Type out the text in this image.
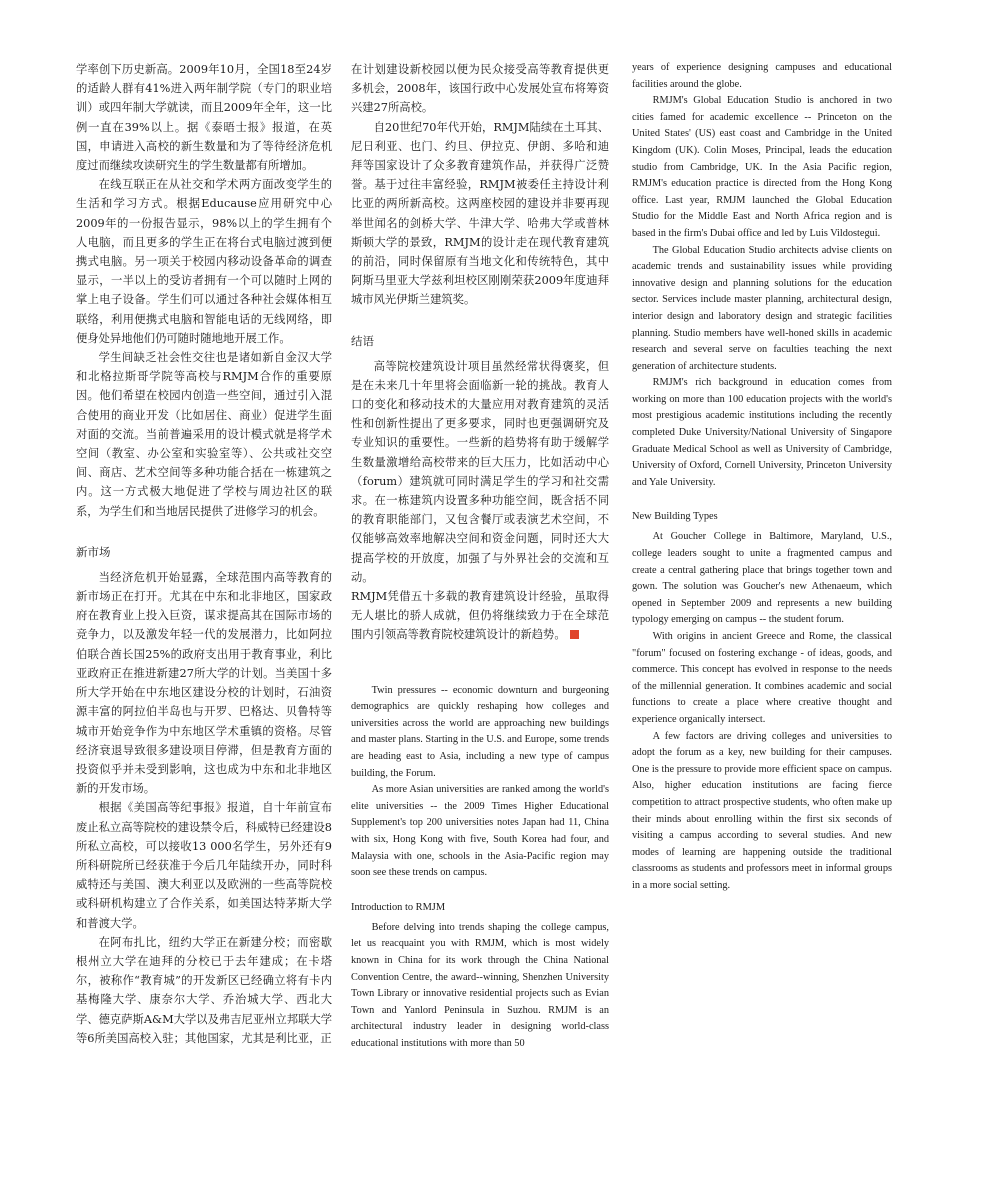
学率创下历史新高。2009年10月，全国18至24岁的适龄人群有41%进入两年制学院（专门的职业培训）或四年制大学就读，而且2009年全年，这一比例一直在39%以上。据《泰晤士报》报道，在英国，申请进入高校的新生数量和为了等待经济危机度过而继续攻读研究生的学生数量都有所增加。

在线互联正在从社交和学术两方面改变学生的生活和学习方式。根据Educause应用研究中心2009年的一份报告显示，98%以上的学生拥有个人电脑，而且更多的学生正在将台式电脑过渡到便携式电脑。另一项关于校园内移动设备革命的调查显示，一半以上的受访者拥有一个可以随时上网的掌上电子设备。学生们可以通过各种社会媒体相互联络，利用便携式电脑和智能电话的无线网络，即便身处异地他们仍可随时随地地开展工作。

学生间缺乏社会性交往也是诸如新自金汉大学和北格拉斯哥学院等高校与RMJM合作的重要原因。他们希望在校园内创造一些空间，通过引入混合使用的商业开发（比如居住、商业）促进学生面对面的交流。当前普遍采用的设计模式就是将学术空间（教室、办公室和实验室等）、公共或社交空间、商店、艺术空间等多种功能合括在一栋建筑之内。这一方式极大地促进了学校与周边社区的联系，为学生们和当地居民提供了进修学习的机会。

新市场

当经济危机开始显露，全球范围内高等教育的新市场正在打开。尤其在中东和北非地区，国家政府在教育业上投入巨资，谋求提高其在国际市场的竞争力，以及激发年轻一代的发展潜力，比如阿拉伯联合酋长国25%的政府支出用于教育事业，利比亚政府正在推进新建27所大学的计划。当美国十多所大学开始在中东地区建设分校的计划时，石油资源丰富的阿拉伯半岛也与开罗、巴格达、贝鲁特等城市开始竞争作为中东地区学术重镇的资格。尽管经济衰退导致很多建设项目停滞，但是教育方面的投资似乎并未受到影响，这也成为中东和北非地区新的开发市场。

根据《美国高等纪事报》报道，自十年前宣布废止私立高等院校的建设禁令后，科威特已经建设8所私立高校，可以接收13 000名学生，另外还有9所科研院所已经获准于今后几年陆续开办，同时科威特还与美国、澳大利亚以及欧洲的一些高等院校或科研机构建立了合作关系，如美国达特茅斯大学和普渡大学。

在阿布扎比，纽约大学正在新建分校；而密歇根州立大学在迪拜的分校已于去年建成；在卡塔尔，被称作“教育城”的开发新区已经确立将有卡内基梅隆大学、康奈尔大学、乔治城大学、西北大学、德克萨斯A&M大学以及弗吉尼亚州立邦联大学等6所美国高校入驻；其他国家，尤其是利比亚，正

在计划建设新校园以便为民众接受高等教育提供更多机会，2008年，该国行政中心发展处宣布将筹资兴建27所高校。

自20世纪70年代开始，RMJM陆续在土耳其、尼日利亚、也门、约旦、伊拉克、伊朗、多哈和迪拜等国家设计了众多教育建筑作品，并获得广泛赞誉。基于过往丰富经验，RMJM被委任主持设计利比亚的两所新高校。这两座校园的建设并非要再现举世闻名的剑桥大学、牛津大学、哈弗大学或普林斯顿大学的景致，RMJM的设计走在现代教育建筑的前沿，同时保留原有当地文化和传统特色，其中阿斯马里亚大学兹利坦校区刚刚荣获2009年度迪拜城市风光伊斯兰建筑奖。

结语

高等院校建筑设计项目虽然经常状得褒奖，但是在未来几十年里将会面临新一轮的挑战。教育人口的变化和移动技术的大量应用对教育建筑的灵活性和创新性提出了更多要求，同时也更强调研究及专业知识的重要性。一些新的趋势将有助于缓解学生数量激增给高校带来的巨大压力，比如活动中心（forum）建筑就可同时满足学生的学习和社交需求。在一栋建筑内设置多种功能空间，既含括不同的教育职能部门，又包含餐厅或表演艺术空间，不仅能够高效率地解决空间和资金问题，同时还大大提高学校的开放度，加强了与外界社会的交流和互动。

RMJM凭借五十多载的教育建筑设计经验，虽取得无人堪比的骄人成就，但仍将继续致力于在全球范围内引领高等教育院校建筑设计的新趋势。

Twin pressures -- economic downturn and burgeoning demographics are quickly reshaping how colleges and universities across the world are approaching new buildings and master plans. Starting in the U.S. and Europe, some trends are heading east to Asia, including a new type of campus building, the Forum.

As more Asian universities are ranked among the world's elite universities -- the 2009 Times Higher Educational Supplement's top 200 universities notes Japan had 11, China with six, Hong Kong with five, South Korea had four, and Malaysia with one, schools in the Asia-Pacific region may soon see these trends on campus.

Introduction to RMJM

Before delving into trends shaping the college campus, let us reacquaint you with RMJM, which is most widely known in China for its work through the China National Convention Centre, the award--winning, Shenzhen University Town Library or innovative residential projects such as Evian Town and Yanlord Peninsula in Suzhou. RMJM is an architectural industry leader in designing world-class educational institutions with more than 50

years of experience designing campuses and educational facilities around the globe.

RMJM's Global Education Studio is anchored in two cities famed for academic excellence -- Princeton on the United States' (US) east coast and Cambridge in the United Kingdom (UK). Colin Moses, Principal, leads the education studio from Cambridge, UK. In the Asia Pacific region, RMJM's education practice is directed from the Hong Kong office. Last year, RMJM launched the Global Education Studio for the Middle East and North Africa region and is based in the firm's Dubai office and led by Luis Vildostegui.

The Global Education Studio architects advise clients on academic trends and sustainability issues while providing innovative design and planning solutions for the education sector. Services include master planning, architectural design, interior design and laboratory design and strategic facilities planning. Studio members have well-honed skills in academic research and several serve on faculties teaching the next generation of architecture students.

RMJM's rich background in education comes from working on more than 100 education projects with the world's most prestigious academic institutions including the recently completed Duke University/National University of Singapore Graduate Medical School as well as University of Cambridge, University of Oxford, Cornell University, Princeton University and Yale University.

New Building Types

At Goucher College in Baltimore, Maryland, U.S., college leaders sought to unite a fragmented campus and create a central gathering place that brings together town and gown. The solution was Goucher's new Athenaeum, which opened in September 2009 and represents a new building typology emerging on campus -- the student forum.

With origins in ancient Greece and Rome, the classical "forum" focused on fostering exchange - of ideas, goods, and commerce. This concept has evolved in response to the needs of the millennial generation. It combines academic and social functions to create a place where creative thought and experience organically intersect.

A few factors are driving colleges and universities to adopt the forum as a key, new building for their campuses. One is the pressure to provide more efficient space on campus. Also, higher education institutions are facing fierce competition to attract prospective students, who often make up their minds about enrolling within the first six seconds of visiting a campus according to several studies. And new modes of learning are happening outside the traditional classrooms as students and professors meet in informal groups in a more social setting.
